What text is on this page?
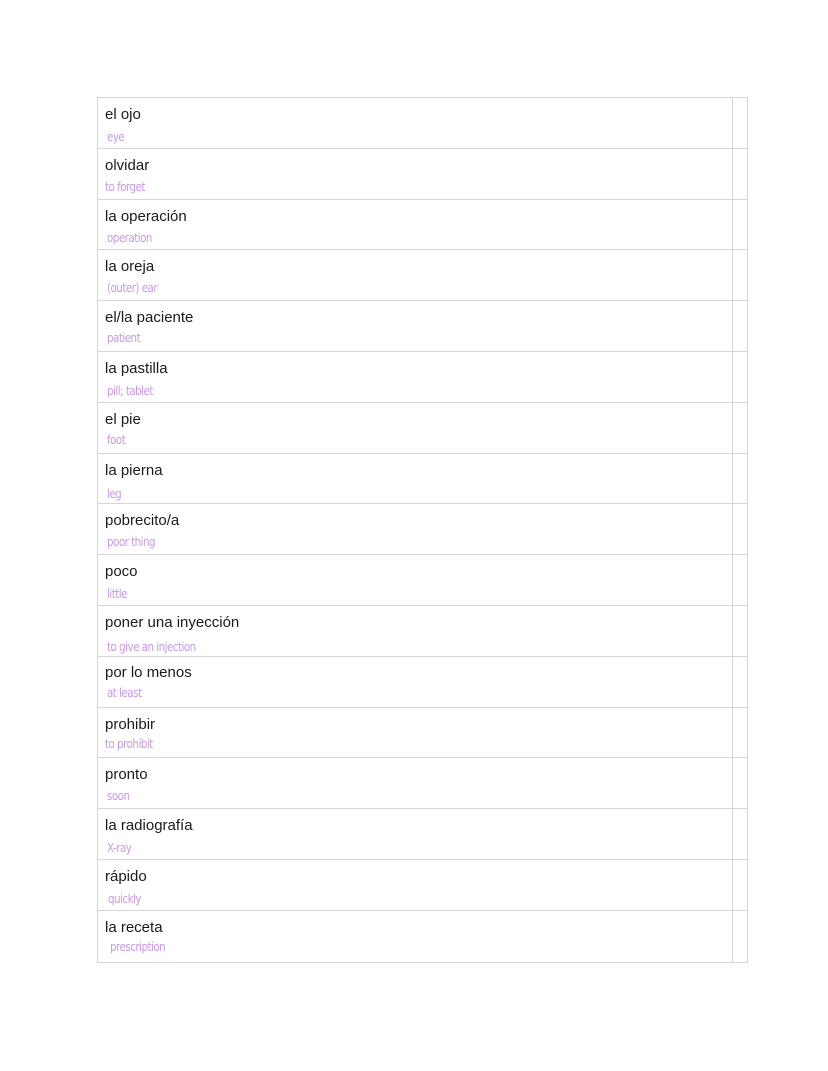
el ojo
eye
olvidar
to forget
la operación
operation
la oreja
(outer) ear
el/la paciente
patient
la pastilla
pill; tablet
el pie
foot
la pierna
leg
pobrecito/a
poor thing
poco
little
poner una inyección
to give an injection
por lo menos
at least
prohibir
to prohibit
pronto
soon
la radiografía
X-ray
rápido
quickly
la receta
prescription
